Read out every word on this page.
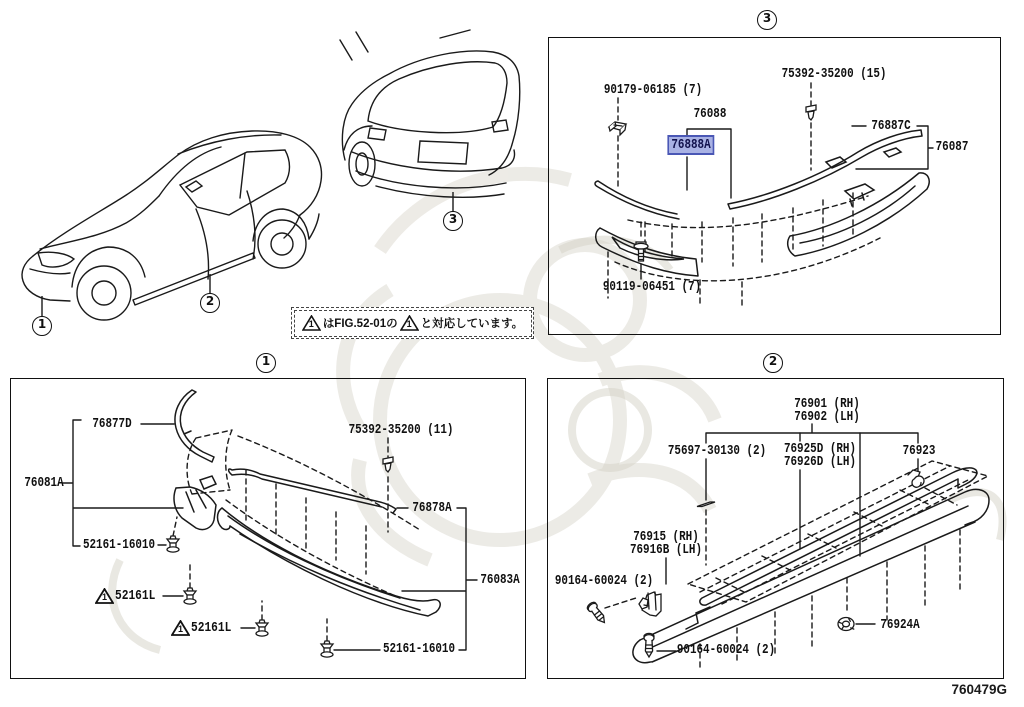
1
2
3
3
1	2
1 はFIG.52-01の 1 と対応しています。
90179-06185 (7)
75392-35200 (15)
76088
76888A
76887C
76087
90119-06451 (7)
76877D
76081A
75392-35200 (11)
76878A
52161-16010
1 52161L
1 52161L
76083A
52161-16010
76901 (RH)
76902 (LH)
75697-30130 (2) 76925D (RH)
76926D (LH)
76923
76915 (RH)
76916B (LH)
90164-60024 (2)
76924A
90164-60024 (2)
760479G
